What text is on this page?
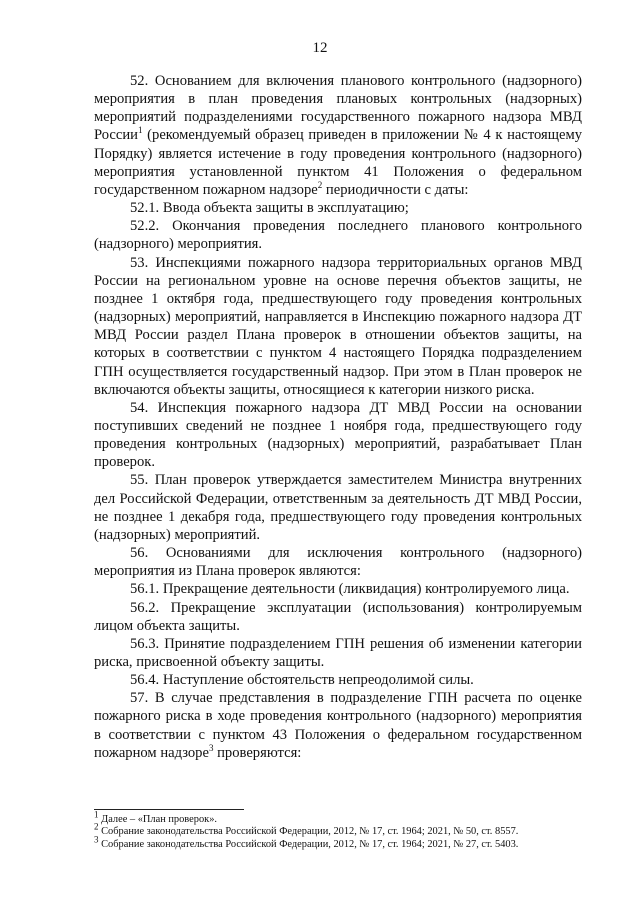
12

52. Основанием для включения планового контрольного (надзорного) мероприятия в план проведения плановых контрольных (надзорных) мероприятий подразделениями государственного пожарного надзора МВД России$^1$ (рекомендуемый образец приведен в приложении № 4 к настоящему Порядку) является истечение в году проведения контрольного (надзорного) мероприятия установленной пунктом 41 Положения о федеральном государственном пожарном надзоре$^2$ периодичности с даты:

52.1. Ввода объекта защиты в эксплуатацию;

52.2. Окончания проведения последнего планового контрольного (надзорного) мероприятия.

53. Инспекциями пожарного надзора территориальных органов МВД России на региональном уровне на основе перечня объектов защиты, не позднее 1 октября года, предшествующего году проведения контрольных (надзорных) мероприятий, направляется в Инспекцию пожарного надзора ДТ МВД России раздел Плана проверок в отношении объектов защиты, на которых в соответствии с пунктом 4 настоящего Порядка подразделением ГПН осуществляется государственный надзор. При этом в План проверок не включаются объекты защиты, относящиеся к категории низкого риска.

54. Инспекция пожарного надзора ДТ МВД России на основании поступивших сведений не позднее 1 ноября года, предшествующего году проведения контрольных (надзорных) мероприятий, разрабатывает План проверок.

55. План проверок утверждается заместителем Министра внутренних дел Российской Федерации, ответственным за деятельность ДТ МВД России, не позднее 1 декабря года, предшествующего году проведения контрольных (надзорных) мероприятий.

56. Основаниями для исключения контрольного (надзорного) мероприятия из Плана проверок являются:

56.1. Прекращение деятельности (ликвидация) контролируемого лица.

56.2. Прекращение эксплуатации (использования) контролируемым лицом объекта защиты.

56.3. Принятие подразделением ГПН решения об изменении категории риска, присвоенной объекту защиты.

56.4. Наступление обстоятельств непреодолимой силы.

57. В случае представления в подразделение ГПН расчета по оценке пожарного риска в ходе проведения контрольного (надзорного) мероприятия в соответствии с пунктом 43 Положения о федеральном государственном пожарном надзоре$^3$ проверяются:

$^1$ Далее – «План проверок».

$^2$ Собрание законодательства Российской Федерации, 2012, № 17, ст. 1964; 2021, № 50, ст. 8557.

$^3$ Собрание законодательства Российской Федерации, 2012, № 17, ст. 1964; 2021, № 27, ст. 5403.
